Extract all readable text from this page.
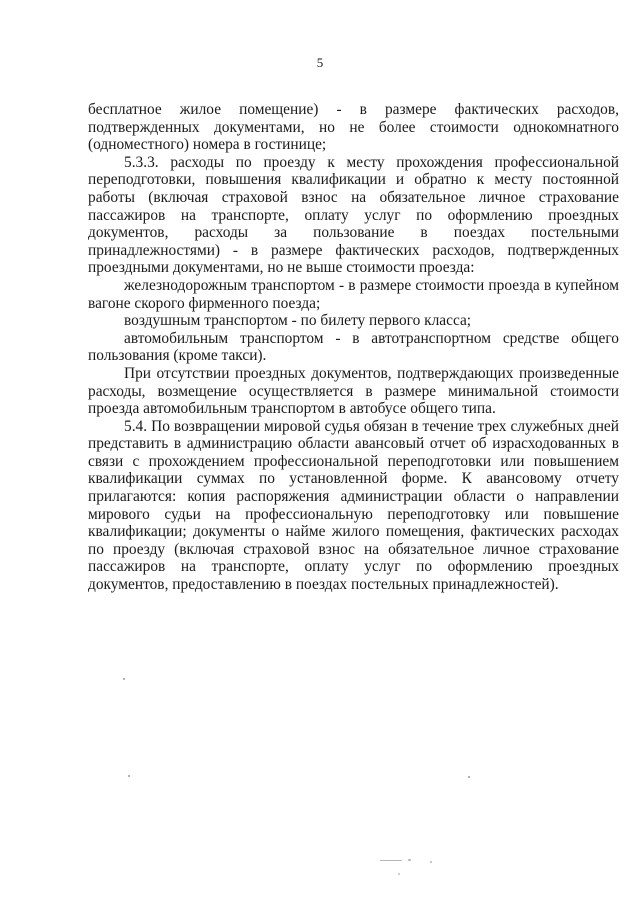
5

бесплатное жилое помещение) - в размере фактических расходов, подтвержденных документами, но не более стоимости однокомнатного (одноместного) номера в гостинице;

5.3.3. расходы по проезду к месту прохождения профессиональной переподготовки, повышения квалификации и обратно к месту постоянной работы (включая страховой взнос на обязательное личное страхование пассажиров на транспорте, оплату услуг по оформлению проездных документов, расходы за пользование в поездах постельными принадлежностями) - в размере фактических расходов, подтвержденных проездными документами, но не выше стоимости проезда:

железнодорожным транспортом - в размере стоимости проезда в купейном вагоне скорого фирменного поезда;

воздушным транспортом - по билету первого класса;

автомобильным транспортом - в автотранспортном средстве общего пользования (кроме такси).

При отсутствии проездных документов, подтверждающих произведенные расходы, возмещение осуществляется в размере минимальной стоимости проезда автомобильным транспортом в автобусе общего типа.

5.4. По возвращении мировой судья обязан в течение трех служебных дней представить в администрацию области авансовый отчет об израсходованных в связи с прохождением профессиональной переподготовки или повышением квалификации суммах по установленной форме. К авансовому отчету прилагаются: копия распоряжения администрации области о направлении мирового судьи на профессиональную переподготовку или повышение квалификации; документы о найме жилого помещения, фактических расходах по проезду (включая страховой взнос на обязательное личное страхование пассажиров на транспорте, оплату услуг по оформлению проездных документов, предоставлению в поездах постельных принадлежностей).
